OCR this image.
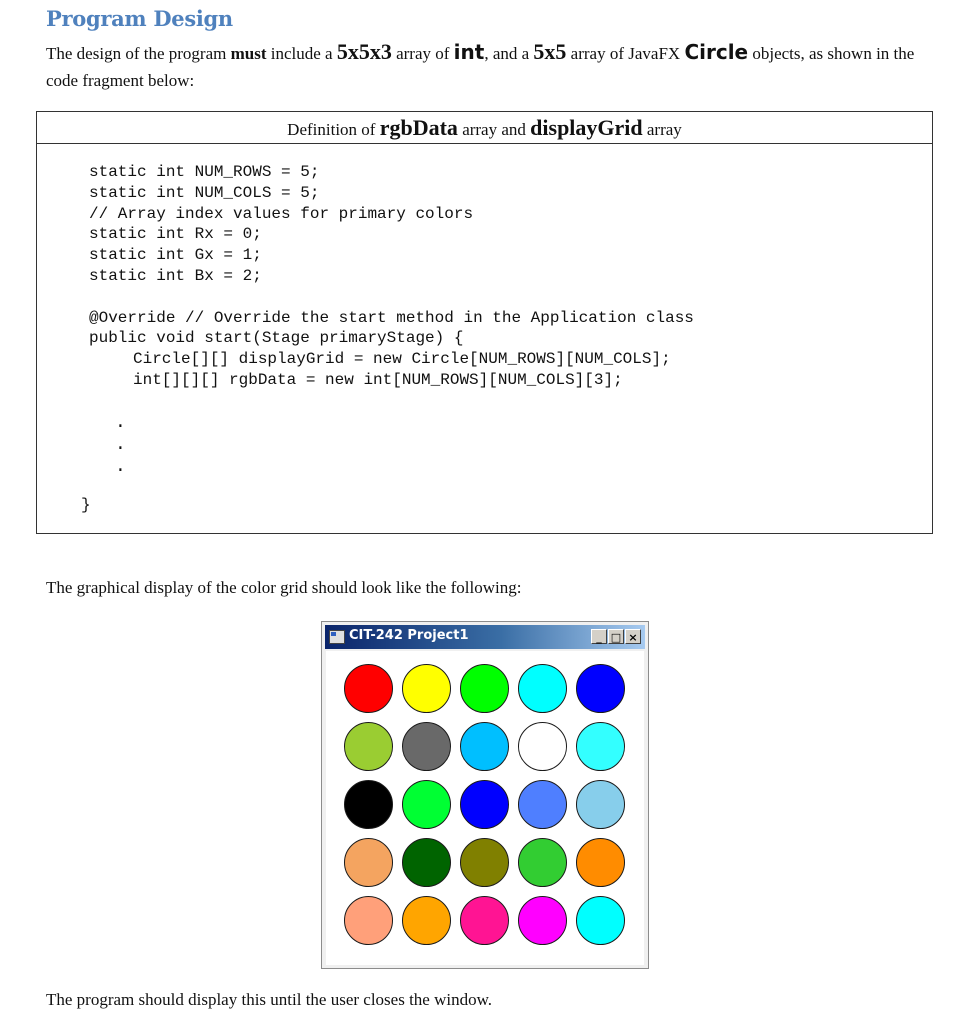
Program Design
The design of the program must include a 5x5x3 array of int, and a 5x5 array of JavaFX Circle objects, as shown in the code fragment below:
Definition of rgbData array and displayGrid array
static int NUM_ROWS = 5;
static int NUM_COLS = 5;
// Array index values for primary colors
static int Rx = 0;
static int Gx = 1;
static int Bx = 2;
@Override // Override the start method in the Application class
public void start(Stage primaryStage) {
Circle[][] displayGrid = new Circle[NUM_ROWS][NUM_COLS];
int[][][] rgbData = new int[NUM_ROWS][NUM_COLS][3];
.
.
.
}
The graphical display of the color grid should look like the following:
CIT-242 Project1	_ □ ×
The program should display this until the user closes the window.
